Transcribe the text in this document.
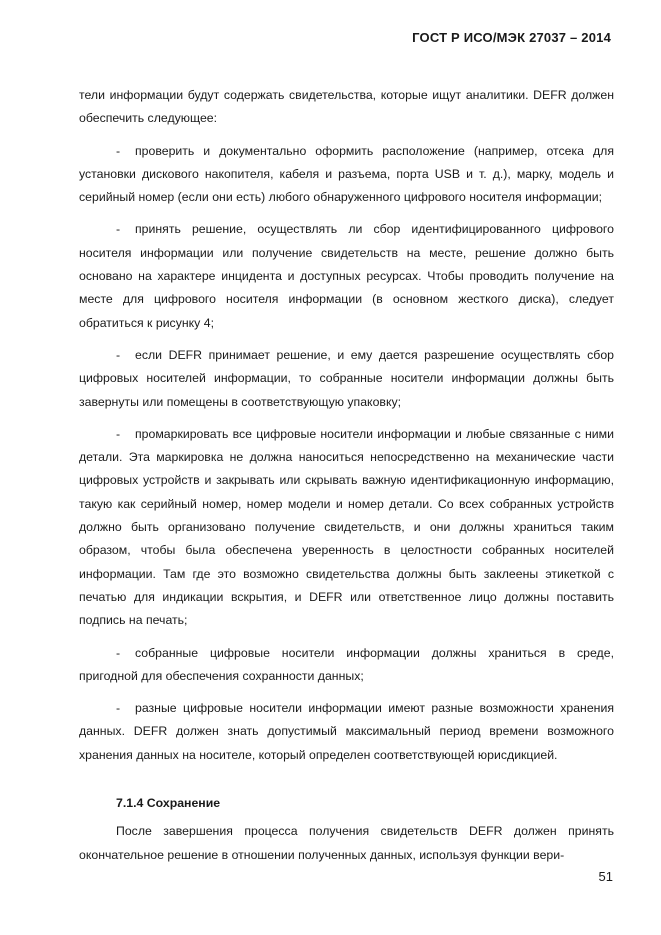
ГОСТ Р ИСО/МЭК 27037 – 2014

тели информации будут содержать свидетельства, которые ищут аналитики. DEFR должен обеспечить следующее:

- проверить и документально оформить расположение (например, отсека для установки дискового накопителя, кабеля и разъема, порта USB и т. д.), марку, модель и серийный номер (если они есть) любого обнаруженного цифрового носителя информации;

- принять решение, осуществлять ли сбор идентифицированного цифрового носителя информации или получение свидетельств на месте, решение должно быть основано на характере инцидента и доступных ресурсах. Чтобы проводить получение на месте для цифрового носителя информации (в основном жесткого диска), следует обратиться к рисунку 4;

- если DEFR принимает решение, и ему дается разрешение осуществлять сбор цифровых носителей информации, то собранные носители информации должны быть завернуты или помещены в соответствующую упаковку;

- промаркировать все цифровые носители информации и любые связанные с ними детали. Эта маркировка не должна наноситься непосредственно на механические части цифровых устройств и закрывать или скрывать важную идентификационную информацию, такую как серийный номер, номер модели и номер детали. Со всех собранных устройств должно быть организовано получение свидетельств, и они должны храниться таким образом, чтобы была обеспечена уверенность в целостности собранных носителей информации. Там где это возможно свидетельства должны быть заклеены этикеткой с печатью для индикации вскрытия, и DEFR или ответственное лицо должны поставить подпись на печать;

- собранные цифровые носители информации должны храниться в среде, пригодной для обеспечения сохранности данных;

- разные цифровые носители информации имеют разные возможности хранения данных. DEFR должен знать допустимый максимальный период времени возможного хранения данных на носителе, который определен соответствующей юрисдикцией.

7.1.4 Сохранение

После завершения процесса получения свидетельств DEFR должен принять окончательное решение в отношении полученных данных, используя функции вери-

51
